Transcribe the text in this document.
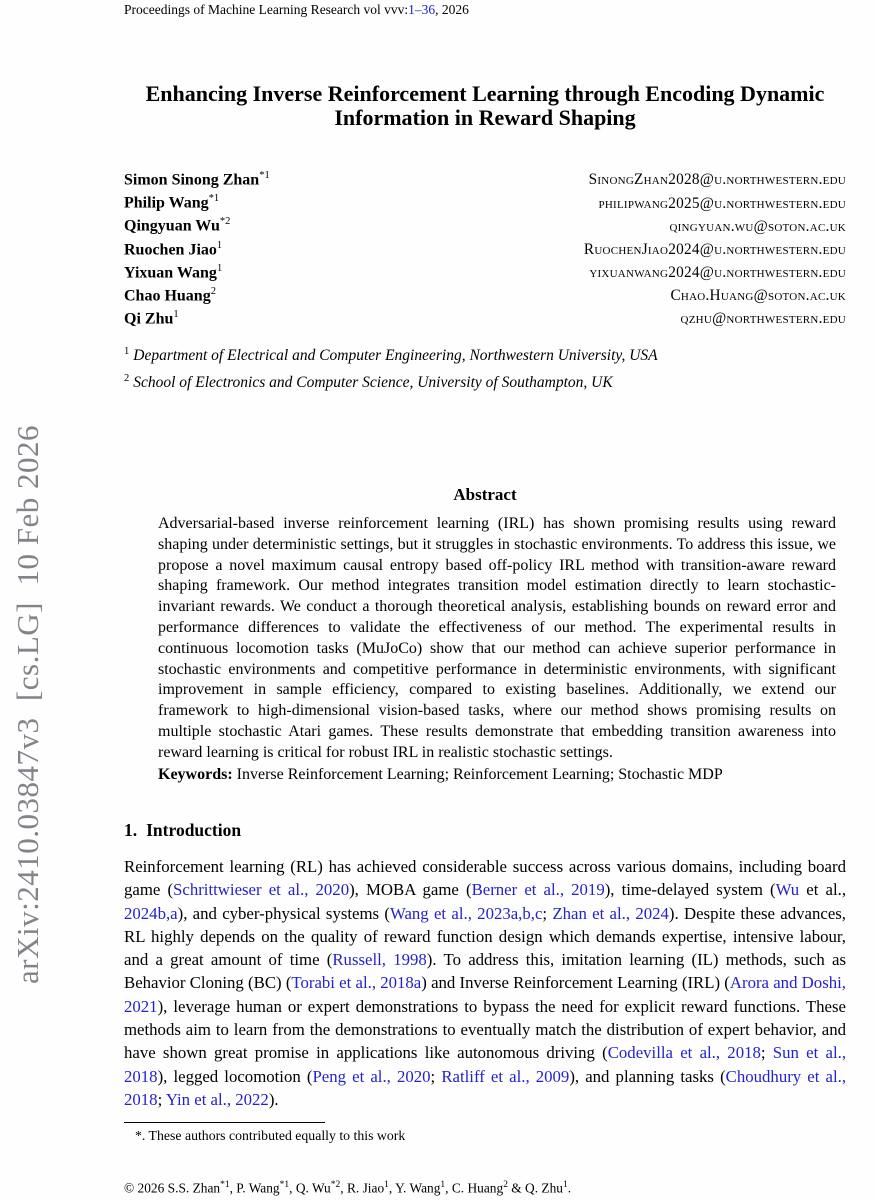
arXiv:2410.03847v3  [cs.LG]  10 Feb 2026
Proceedings of Machine Learning Research vol vvv:1–36, 2026
Enhancing Inverse Reinforcement Learning through Encoding Dynamic Information in Reward Shaping
Simon Sinong Zhan$^{*1}$	SinongZhan2028@u.northwestern.edu
Philip Wang$^{*1}$	philipwang2025@u.northwestern.edu
Qingyuan Wu$^{*2}$	qingyuan.wu@soton.ac.uk
Ruochen Jiao$^1$	RuochenJiao2024@u.northwestern.edu
Yixuan Wang$^1$	yixuanwang2024@u.northwestern.edu
Chao Huang$^2$	Chao.Huang@soton.ac.uk
Qi Zhu$^1$	qzhu@northwestern.edu
$^1$ Department of Electrical and Computer Engineering, Northwestern University, USA
$^2$ School of Electronics and Computer Science, University of Southampton, UK
Abstract

Adversarial-based inverse reinforcement learning (IRL) has shown promising results using reward shaping under deterministic settings, but it struggles in stochastic environments. To address this issue, we propose a novel maximum causal entropy based off-policy IRL method with transition-aware reward shaping framework. Our method integrates transition model estimation directly to learn stochastic-invariant rewards. We conduct a thorough theoretical analysis, establishing bounds on reward error and performance differences to validate the effectiveness of our method. The experimental results in continuous locomotion tasks (MuJoCo) show that our method can achieve superior performance in stochastic environments and competitive performance in deterministic environments, with significant improvement in sample efficiency, compared to existing baselines. Additionally, we extend our framework to high-dimensional vision-based tasks, where our method shows promising results on multiple stochastic Atari games. These results demonstrate that embedding transition awareness into reward learning is critical for robust IRL in realistic stochastic settings.

Keywords: Inverse Reinforcement Learning; Reinforcement Learning; Stochastic MDP
1. Introduction

Reinforcement learning (RL) has achieved considerable success across various domains, including board game (Schrittwieser et al., 2020), MOBA game (Berner et al., 2019), time-delayed system (Wu et al., 2024b,a), and cyber-physical systems (Wang et al., 2023a,b,c; Zhan et al., 2024). Despite these advances, RL highly depends on the quality of reward function design which demands expertise, intensive labour, and a great amount of time (Russell, 1998). To address this, imitation learning (IL) methods, such as Behavior Cloning (BC) (Torabi et al., 2018a) and Inverse Reinforcement Learning (IRL) (Arora and Doshi, 2021), leverage human or expert demonstrations to bypass the need for explicit reward functions. These methods aim to learn from the demonstrations to eventually match the distribution of expert behavior, and have shown great promise in applications like autonomous driving (Codevilla et al., 2018; Sun et al., 2018), legged locomotion (Peng et al., 2020; Ratliff et al., 2009), and planning tasks (Choudhury et al., 2018; Yin et al., 2022).

*. These authors contributed equally to this work
© 2026 S.S. Zhan$^{*1}$, P. Wang$^{*1}$, Q. Wu$^{*2}$, R. Jiao$^1$, Y. Wang$^1$, C. Huang$^2$ & Q. Zhu$^1$.
